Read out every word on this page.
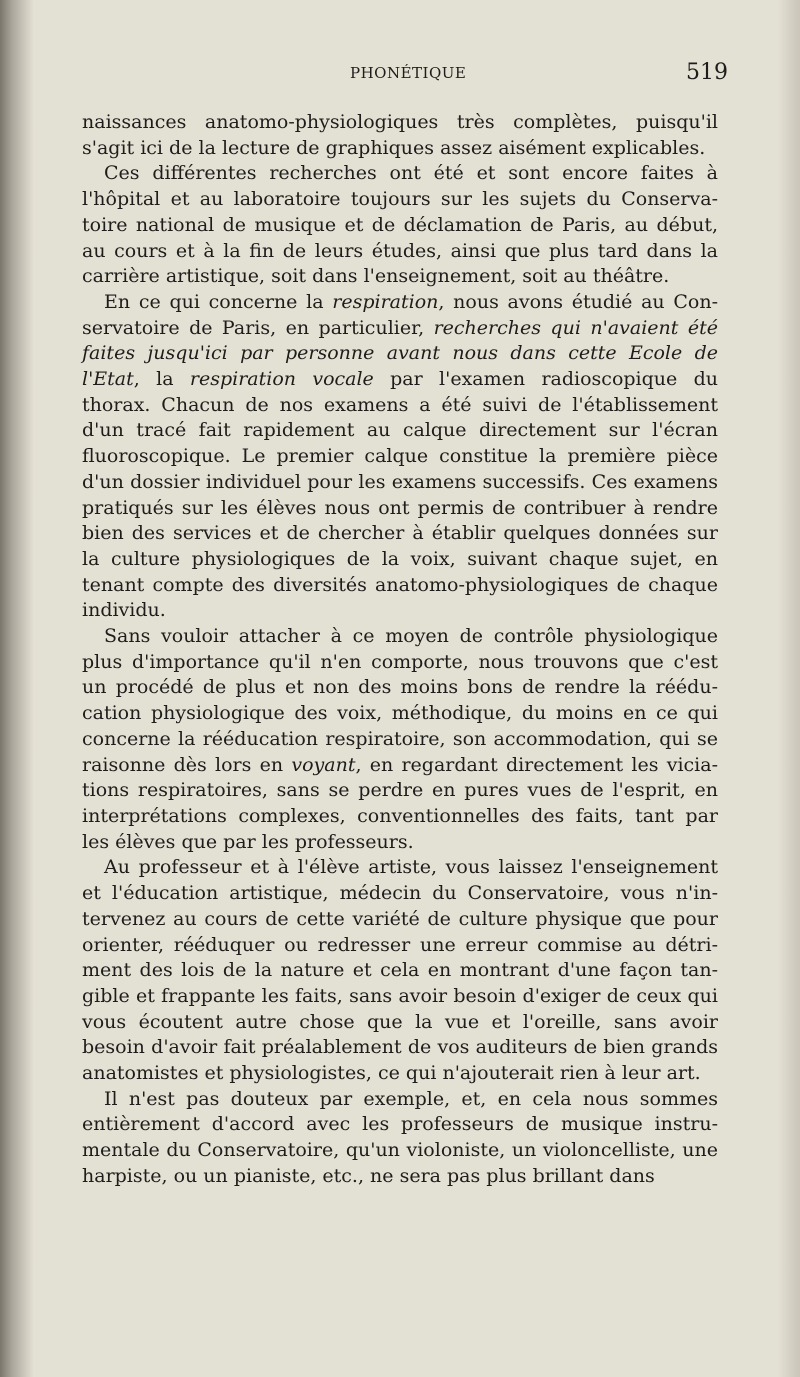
PHONÉTIQUE	519

naissances anatomo-physiologiques très complètes, puisqu'il s'agit ici de la lecture de graphiques assez aisément explicables.

Ces différentes recherches ont été et sont encore faites à l'hôpital et au laboratoire toujours sur les sujets du Conservatoire national de musique et de déclamation de Paris, au début, au cours et à la fin de leurs études, ainsi que plus tard dans la carrière artistique, soit dans l'enseignement, soit au théâtre.

En ce qui concerne la respiration, nous avons étudié au Conservatoire de Paris, en particulier, recherches qui n'avaient été faites jusqu'ici par personne avant nous dans cette Ecole de l'Etat, la respiration vocale par l'examen radioscopique du thorax. Chacun de nos examens a été suivi de l'établissement d'un tracé fait rapidement au calque directement sur l'écran fluoroscopique. Le premier calque constitue la première pièce d'un dossier individuel pour les examens successifs. Ces examens pratiqués sur les élèves nous ont permis de contribuer à rendre bien des services et de chercher à établir quelques données sur la culture physiologiques de la voix, suivant chaque sujet, en tenant compte des diversités anatomo-physiologiques de chaque individu.

Sans vouloir attacher à ce moyen de contrôle physiologique plus d'importance qu'il n'en comporte, nous trouvons que c'est un procédé de plus et non des moins bons de rendre la rééducation physiologique des voix, méthodique, du moins en ce qui concerne la rééducation respiratoire, son accommodation, qui se raisonne dès lors en voyant, en regardant directement les viciations respiratoires, sans se perdre en pures vues de l'esprit, en interprétations complexes, conventionnelles des faits, tant par les élèves que par les professeurs.

Au professeur et à l'élève artiste, vous laissez l'enseignement et l'éducation artistique, médecin du Conservatoire, vous n'intervenez au cours de cette variété de culture physique que pour orienter, rééduquer ou redresser une erreur commise au détriment des lois de la nature et cela en montrant d'une façon tangible et frappante les faits, sans avoir besoin d'exiger de ceux qui vous écoutent autre chose que la vue et l'oreille, sans avoir besoin d'avoir fait préalablement de vos auditeurs de bien grands anatomistes et physiologistes, ce qui n'ajouterait rien à leur art.

Il n'est pas douteux par exemple, et, en cela nous sommes entièrement d'accord avec les professeurs de musique instrumentale du Conservatoire, qu'un violoniste, un violoncelliste, une harpiste, ou un pianiste, etc., ne sera pas plus brillant dans
